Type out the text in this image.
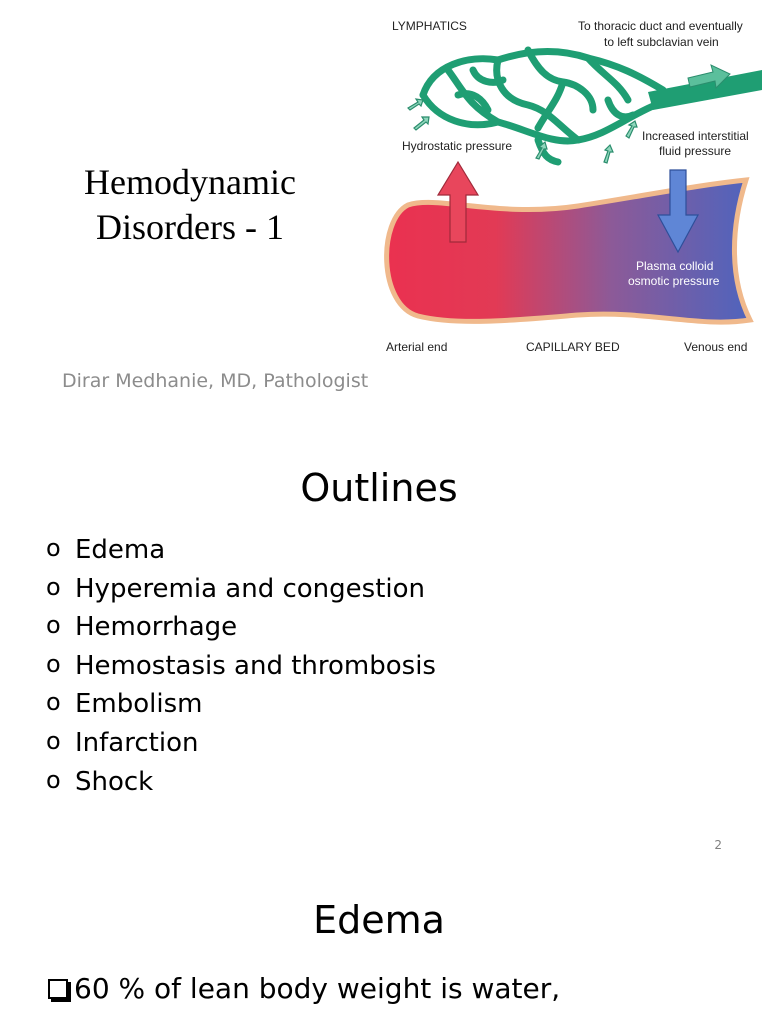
Hemodynamic
Disorders - 1
LYMPHATICS	To thoracic duct and eventually
to left subclavian vein
Hydrostatic pressure
Increased interstitial
fluid pressure
Plasma colloid
osmotic pressure
Arterial end	CAPILLARY BED	Venous end
Dirar Medhanie, MD, Pathologist
Outlines
o Edema
o Hyperemia and congestion
o Hemorrhage
o Hemostasis and thrombosis
o Embolism
o Infarction
o Shock
2
Edema
60 % of lean body weight is water,
